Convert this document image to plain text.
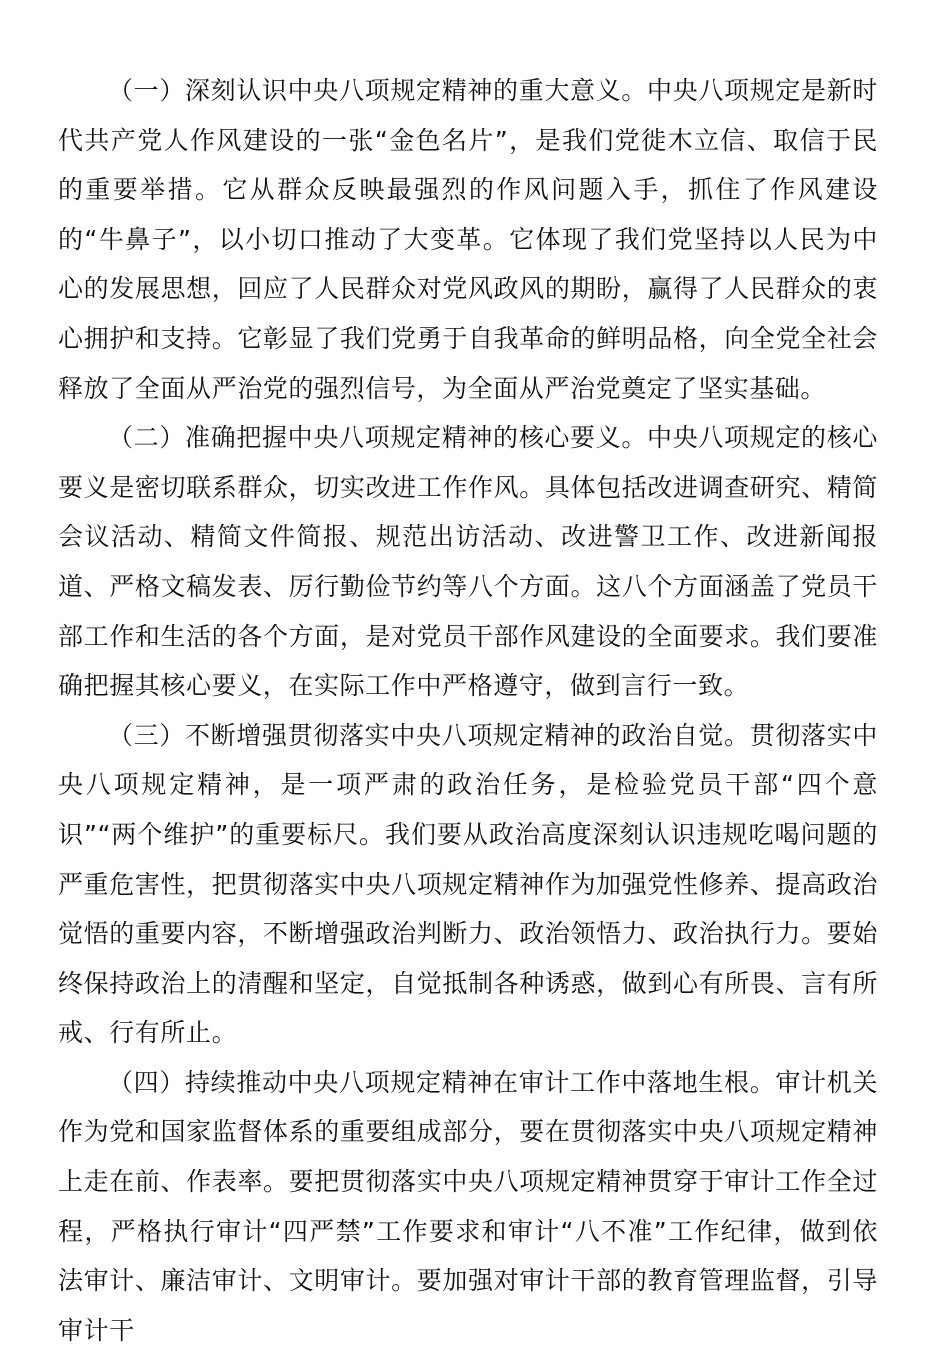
（一）深刻认识中央八项规定精神的重大意义。中央八项规定是新时代共产党人作风建设的一张“金色名片”，是我们党徙木立信、取信于民的重要举措。它从群众反映最强烈的作风问题入手，抓住了作风建设的“牛鼻子”，以小切口推动了大变革。它体现了我们党坚持以人民为中心的发展思想，回应了人民群众对党风政风的期盼，赢得了人民群众的衷心拥护和支持。它彰显了我们党勇于自我革命的鲜明品格，向全党全社会释放了全面从严治党的强烈信号，为全面从严治党奠定了坚实基础。

（二）准确把握中央八项规定精神的核心要义。中央八项规定的核心要义是密切联系群众，切实改进工作作风。具体包括改进调查研究、精简会议活动、精简文件简报、规范出访活动、改进警卫工作、改进新闻报道、严格文稿发表、厉行勤俭节约等八个方面。这八个方面涵盖了党员干部工作和生活的各个方面，是对党员干部作风建设的全面要求。我们要准确把握其核心要义，在实际工作中严格遵守，做到言行一致。

（三）不断增强贯彻落实中央八项规定精神的政治自觉。贯彻落实中央八项规定精神，是一项严肃的政治任务，是检验党员干部“四个意识”“两个维护”的重要标尺。我们要从政治高度深刻认识违规吃喝问题的严重危害性，把贯彻落实中央八项规定精神作为加强党性修养、提高政治觉悟的重要内容，不断增强政治判断力、政治领悟力、政治执行力。要始终保持政治上的清醒和坚定，自觉抵制各种诱惑，做到心有所畏、言有所戒、行有所止。

（四）持续推动中央八项规定精神在审计工作中落地生根。审计机关作为党和国家监督体系的重要组成部分，要在贯彻落实中央八项规定精神上走在前、作表率。要把贯彻落实中央八项规定精神贯穿于审计工作全过程，严格执行审计“四严禁”工作要求和审计“八不准”工作纪律，做到依法审计、廉洁审计、文明审计。要加强对审计干部的教育管理监督，引导审计干
